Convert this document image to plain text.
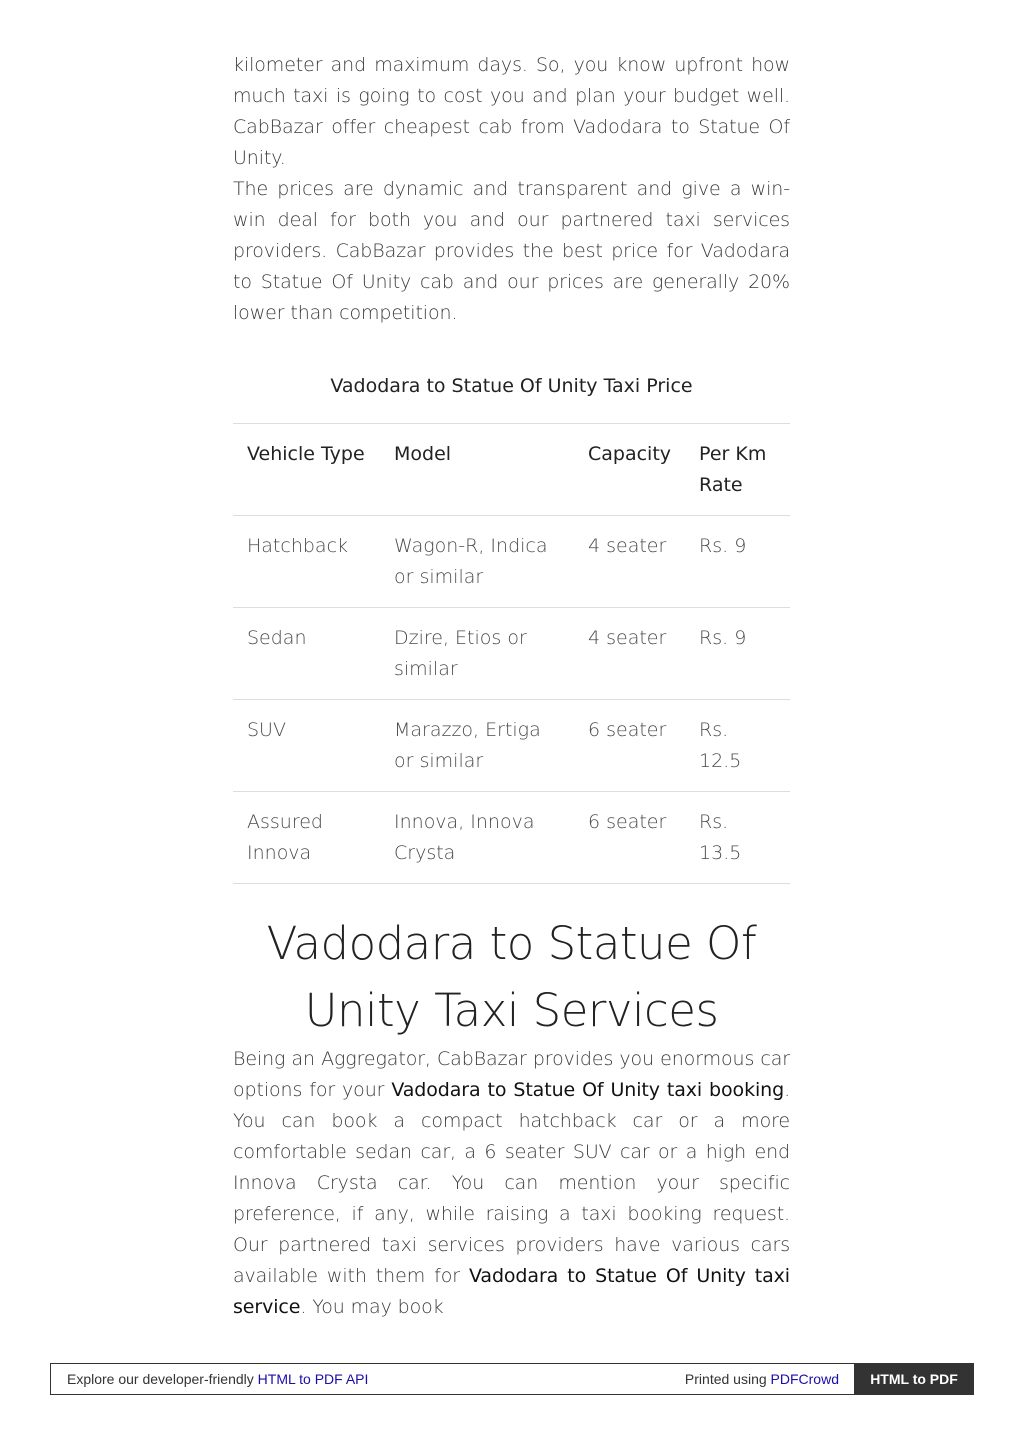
kilometer and maximum days. So, you know upfront how much taxi is going to cost you and plan your budget well. CabBazar offer cheapest cab from Vadodara to Statue Of Unity.

The prices are dynamic and transparent and give a win-win deal for both you and our partnered taxi services providers. CabBazar provides the best price for Vadodara to Statue Of Unity cab and our prices are generally 20% lower than competition.

Vadodara to Statue Of Unity Taxi Price
Vehicle Type	Model	Capacity	Per Km Rate
Hatchback	Wagon-R, Indica or similar	4 seater	Rs. 9
Sedan	Dzire, Etios or similar	4 seater	Rs. 9
SUV	Marazzo, Ertiga or similar	6 seater	Rs. 12.5
Assured Innova	Innova, Innova Crysta	6 seater	Rs. 13.5
Vadodara to Statue Of Unity Taxi Services

Being an Aggregator, CabBazar provides you enormous car options for your Vadodara to Statue Of Unity taxi booking. You can book a compact hatchback car or a more comfortable sedan car, a 6 seater SUV car or a high end Innova Crysta car. You can mention your specific preference, if any, while raising a taxi booking request. Our partnered taxi services providers have various cars available with them for Vadodara to Statue Of Unity taxi service. You may book

Explore our developer-friendly HTML to PDF API	Printed using PDFCrowd	HTML to PDF
